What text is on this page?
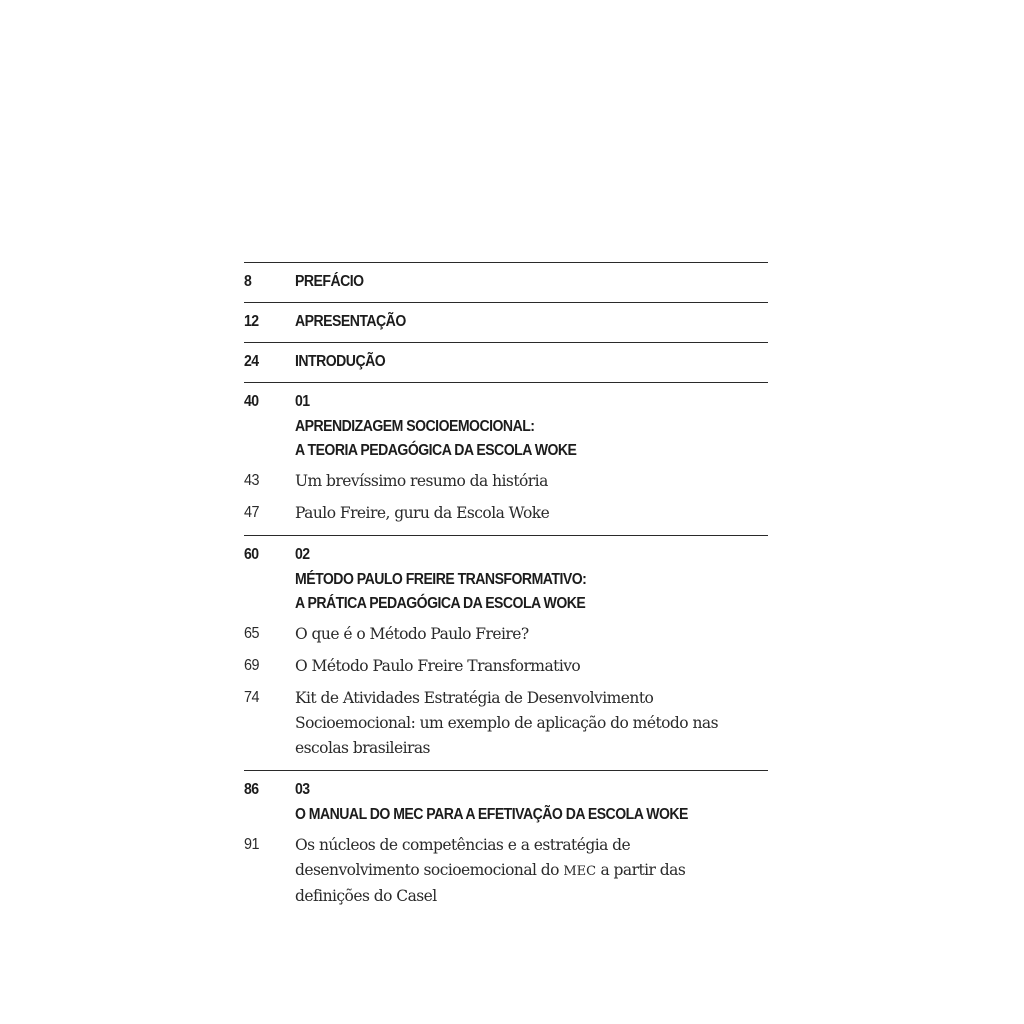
8	PREFÁCIO
12	APRESENTAÇÃO
24	INTRODUÇÃO
40	01
APRENDIZAGEM SOCIOEMOCIONAL:
A TEORIA PEDAGÓGICA DA ESCOLA WOKE
43	Um brevíssimo resumo da história
47	Paulo Freire, guru da Escola Woke
60	02
MÉTODO PAULO FREIRE TRANSFORMATIVO:
A PRÁTICA PEDAGÓGICA DA ESCOLA WOKE
65	O que é o Método Paulo Freire?
69	O Método Paulo Freire Transformativo
74	Kit de Atividades Estratégia de Desenvolvimento
Socioemocional: um exemplo de aplicação do método nas
escolas brasileiras
86	03
O MANUAL DO MEC PARA A EFETIVAÇÃO DA ESCOLA WOKE
91	Os núcleos de competências e a estratégia de
desenvolvimento socioemocional do MEC a partir das
definições do Casel
